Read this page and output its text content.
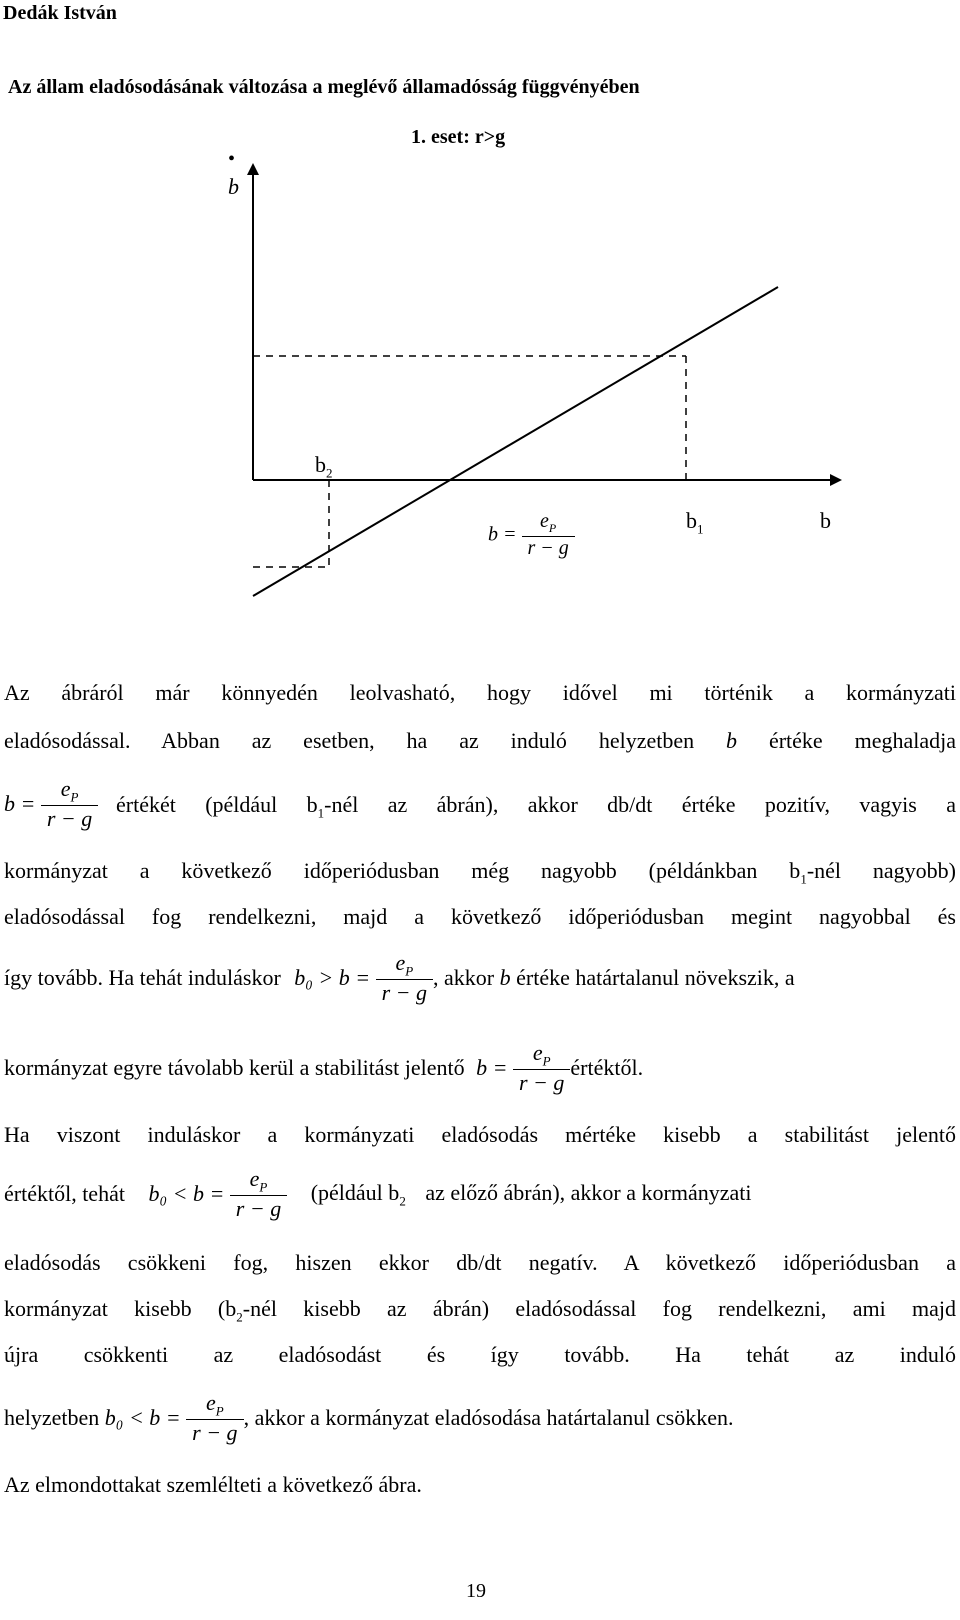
Dedák István
Az állam eladósodásának változása a meglévő államadósság függvényében
1. eset: r>g
•
b
b
$b_2$
$b_1$
$b = \frac{e_P}{r - g}$
Az ábráról már könnyedén leolvasható, hogy idővel mi történik a kormányzati
eladósodással. Abban az esetben, ha az induló helyzetben b értéke meghaladja
$b = \frac{e_P}{r - g}$ értékét (például $b_1$-nél az ábrán), akkor db/dt értéke pozitív, vagyis a
kormányzat a következő időperiódusban még nagyobb (példánkban $b_1$-nél nagyobb)
eladósodással fog rendelkezni, majd a következő időperiódusban megint nagyobbal és
így tovább. Ha tehát induláskor $b_0 > b = \frac{e_P}{r - g}$ , akkor b értéke határtalanul növekszik, a
kormányzat egyre távolabb kerül a stabilitást jelentő $b = \frac{e_P}{r - g}$ értéktől.
Ha viszont induláskor a kormányzati eladósodás mértéke kisebb a stabilitást jelentő
értéktől, tehát $b_0 < b = \frac{e_P}{r - g}$ (például $b_2$ az előző ábrán), akkor a kormányzati
eladósodás csökkeni fog, hiszen ekkor db/dt negatív. A következő időperiódusban a
kormányzat kisebb ($b_2$-nél kisebb az ábrán) eladósodással fog rendelkezni, ami majd
újra csökkenti az eladósodást és így tovább. Ha tehát az induló
helyzetben $b_0 < b = \frac{e_P}{r - g}$ , akkor a kormányzat eladósodása határtalanul csökken.
Az elmondottakat szemlélteti a következő ábra.
19
